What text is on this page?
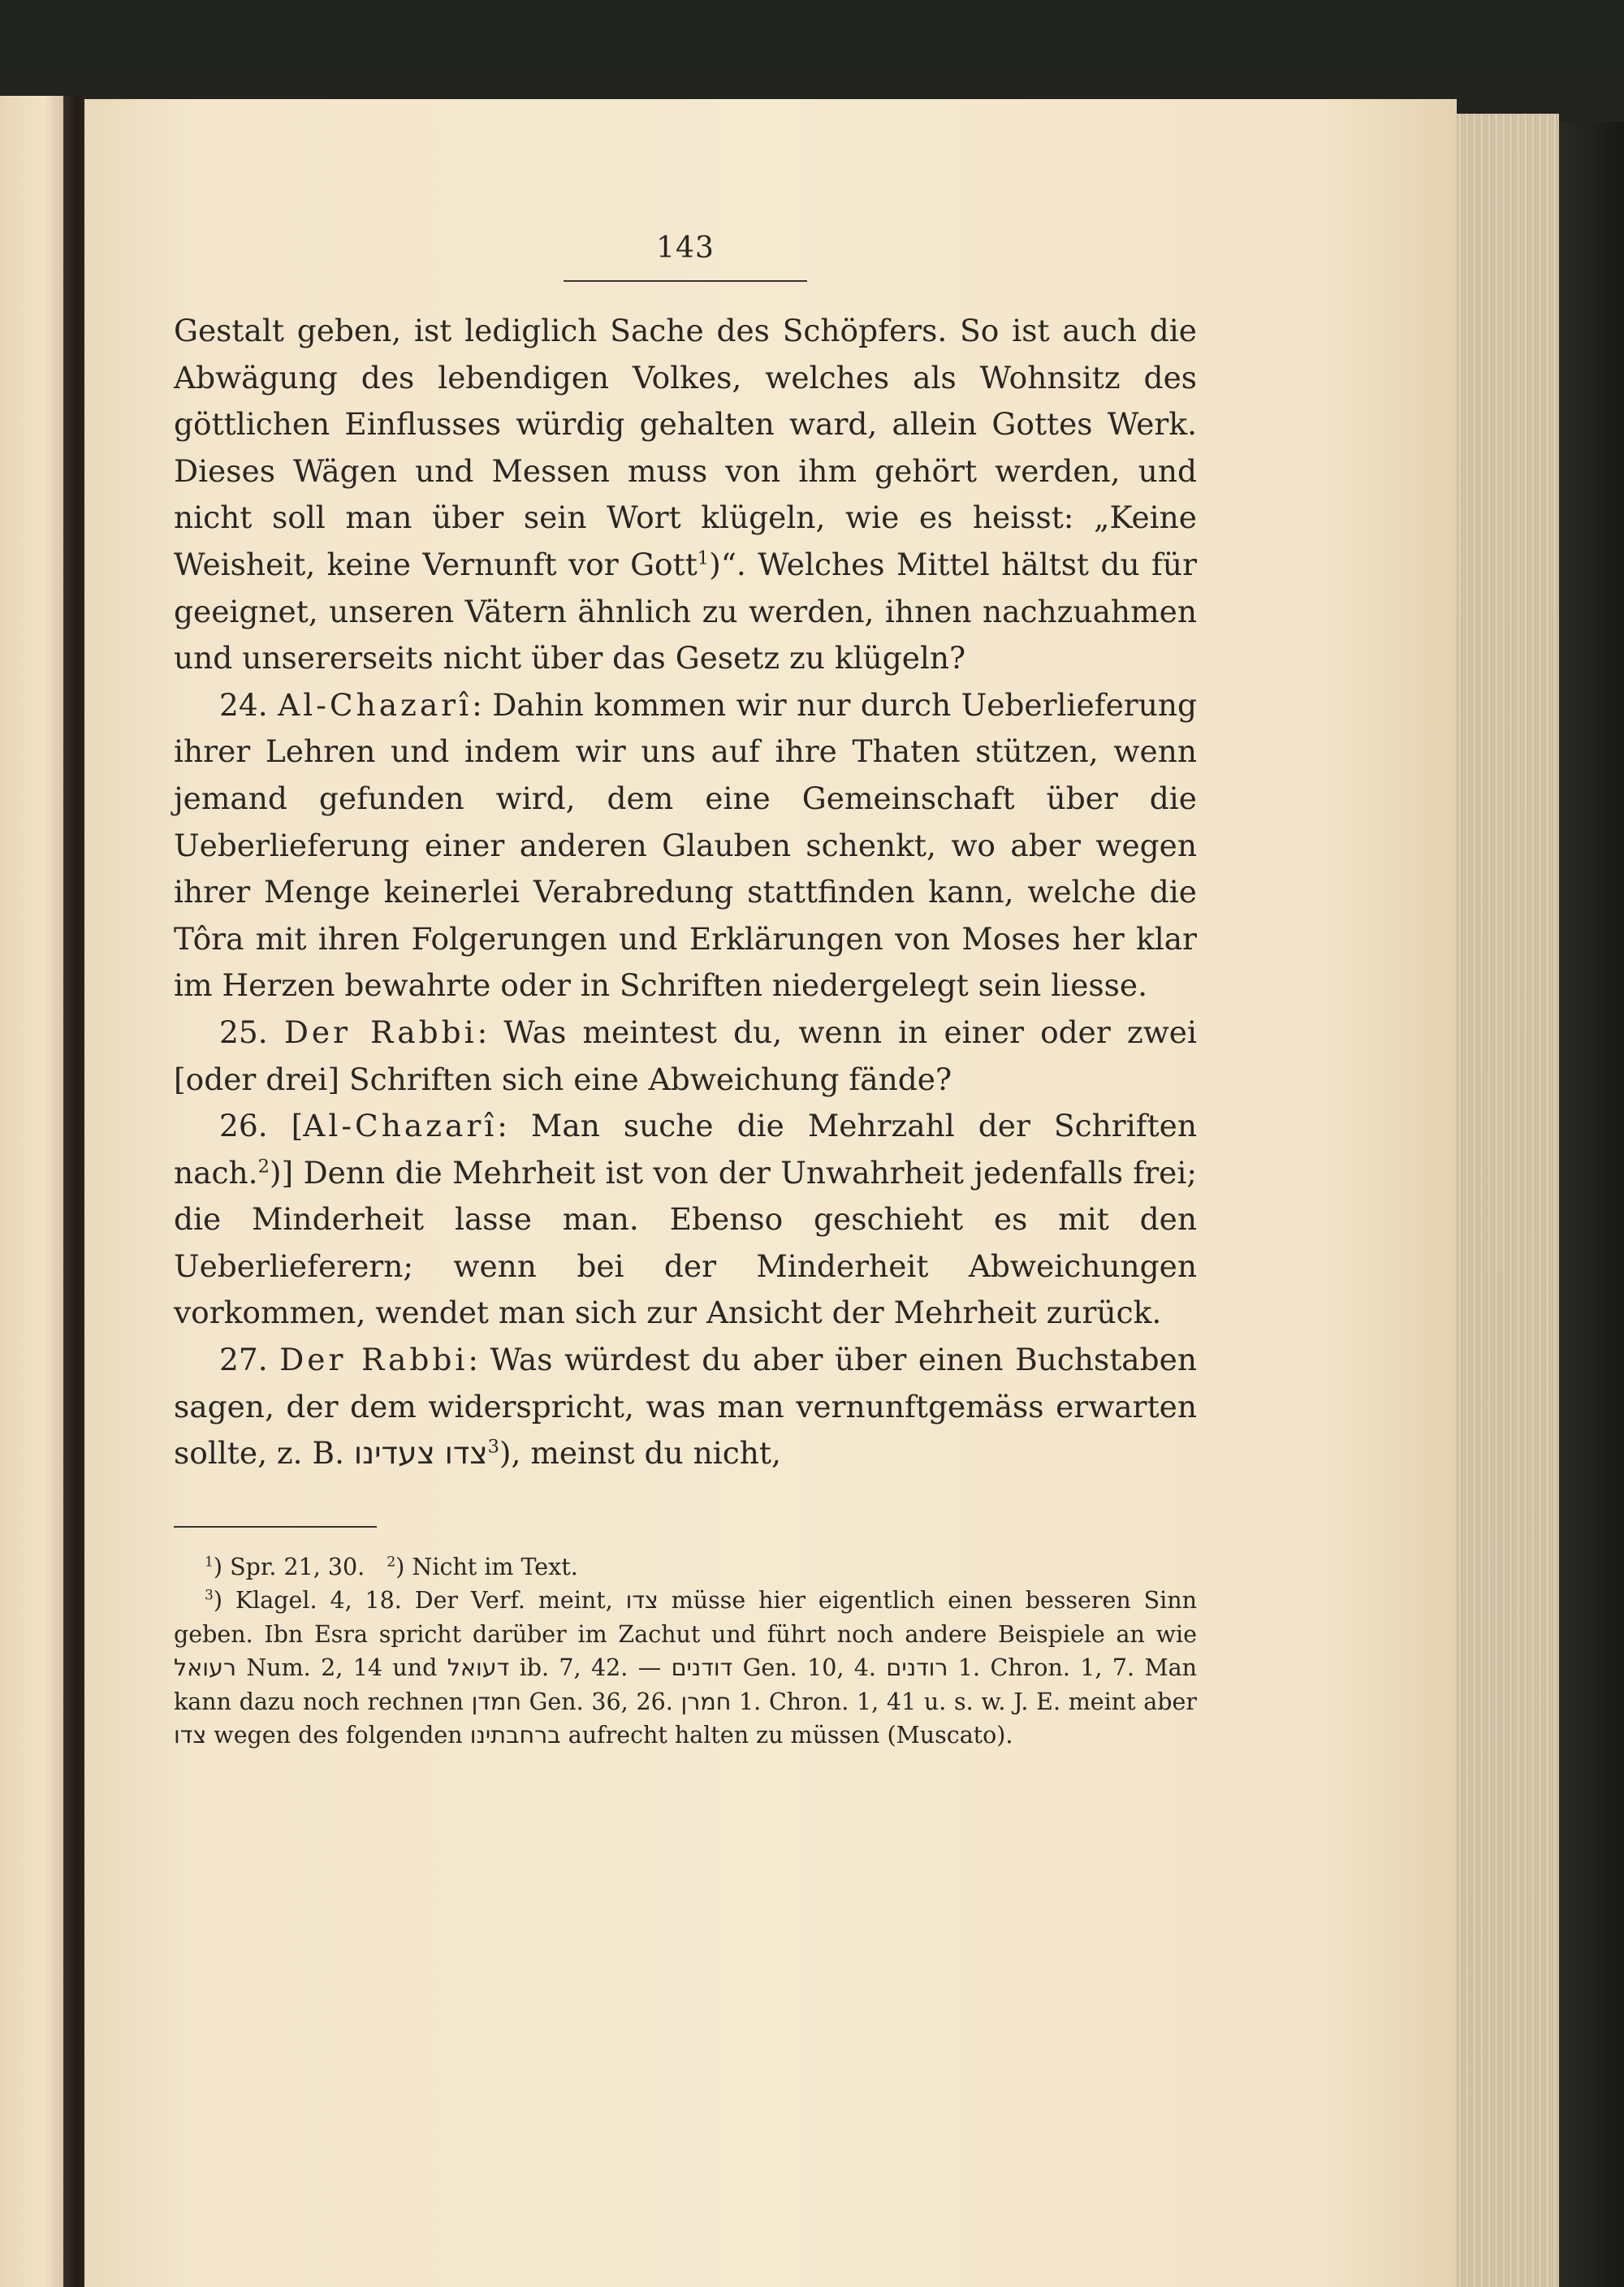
143

Gestalt geben, ist lediglich Sache des Schöpfers. So ist auch die Abwägung des lebendigen Volkes, welches als Wohnsitz des göttlichen Einflusses würdig gehalten ward, allein Gottes Werk. Dieses Wägen und Messen muss von ihm gehört werden, und nicht soll man über sein Wort klügeln, wie es heisst: „Keine Weisheit, keine Vernunft vor Gott$^1$)“. Welches Mittel hältst du für geeignet, unseren Vätern ähnlich zu werden, ihnen nachzuahmen und unsererseits nicht über das Gesetz zu klügeln?

24. Al-Chazarî: Dahin kommen wir nur durch Ueberlieferung ihrer Lehren und indem wir uns auf ihre Thaten stützen, wenn jemand gefunden wird, dem eine Gemeinschaft über die Ueberlieferung einer anderen Glauben schenkt, wo aber wegen ihrer Menge keinerlei Verabredung stattfinden kann, welche die Tôra mit ihren Folgerungen und Erklärungen von Moses her klar im Herzen bewahrte oder in Schriften niedergelegt sein liesse.

25. Der Rabbi: Was meintest du, wenn in einer oder zwei [oder drei] Schriften sich eine Abweichung fände?

26. [Al-Chazarî: Man suche die Mehrzahl der Schriften nach.$^2$)] Denn die Mehrheit ist von der Unwahrheit jedenfalls frei; die Minderheit lasse man. Ebenso geschieht es mit den Ueberlieferern; wenn bei der Minderheit Abweichungen vorkommen, wendet man sich zur Ansicht der Mehrheit zurück.

27. Der Rabbi: Was würdest du aber über einen Buchstaben sagen, der dem widerspricht, was man vernunftgemäss erwarten sollte, z. B. צדו צעדינו$^3$), meinst du nicht,

$^1$) Spr. 21, 30. $^2$) Nicht im Text.

$^3$) Klagel. 4, 18. Der Verf. meint, צדו müsse hier eigentlich einen besseren Sinn geben. Ibn Esra spricht darüber im Zachut und führt noch andere Beispiele an wie רעואל Num. 2, 14 und דעואל ib. 7, 42. — דודנים Gen. 10, 4. רודנים 1. Chron. 1, 7. Man kann dazu noch rechnen חמדן Gen. 36, 26. חמרן 1. Chron. 1, 41 u. s. w. J. E. meint aber צדו wegen des folgenden ברחבתינו aufrecht halten zu müssen (Muscato).
